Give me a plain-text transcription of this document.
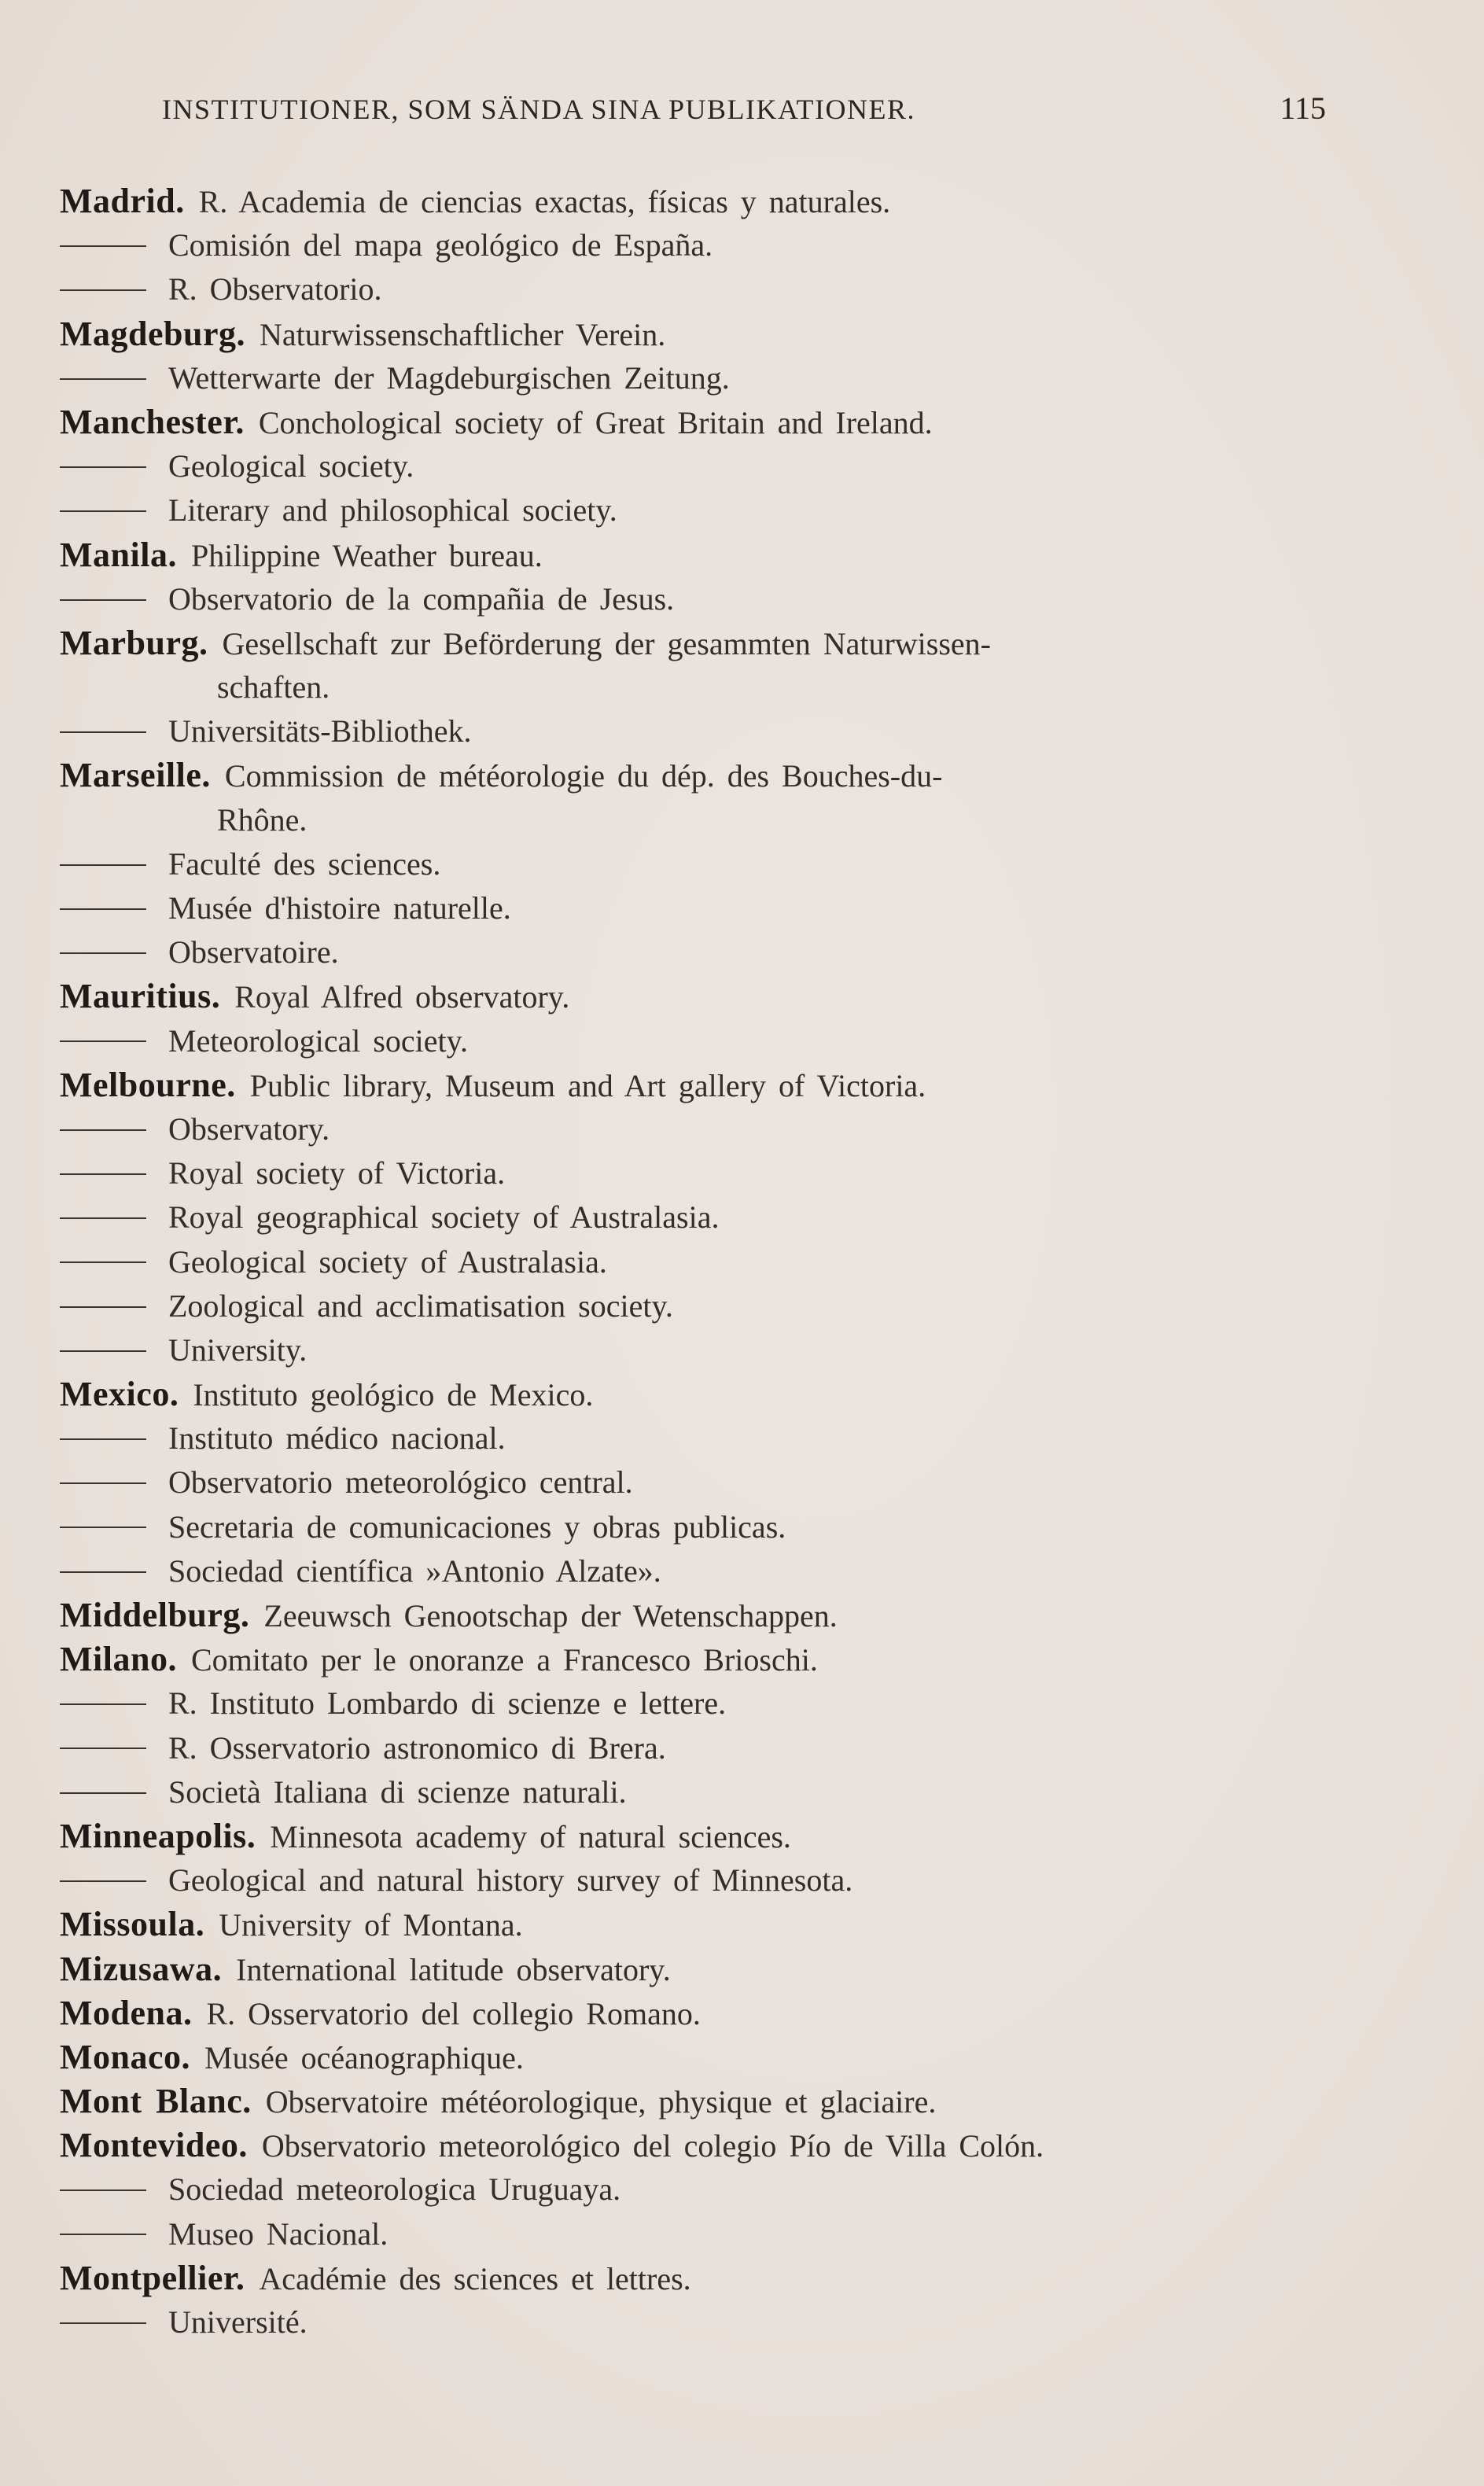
INSTITUTIONER, SOM SÄNDA SINA PUBLIKATIONER.	115
Madrid. R. Academia de ciencias exactas, físicas y naturales.
Comisión del mapa geológico de España.
R. Observatorio.
Magdeburg. Naturwissenschaftlicher Verein.
Wetterwarte der Magdeburgischen Zeitung.
Manchester. Conchological society of Great Britain and Ireland.
Geological society.
Literary and philosophical society.
Manila. Philippine Weather bureau.
Observatorio de la compañia de Jesus.
Marburg. Gesellschaft zur Beförderung der gesammten Naturwissen-
schaften.
Universitäts-Bibliothek.
Marseille. Commission de météorologie du dép. des Bouches-du-
Rhône.
Faculté des sciences.
Musée d'histoire naturelle.
Observatoire.
Mauritius. Royal Alfred observatory.
Meteorological society.
Melbourne. Public library, Museum and Art gallery of Victoria.
Observatory.
Royal society of Victoria.
Royal geographical society of Australasia.
Geological society of Australasia.
Zoological and acclimatisation society.
University.
Mexico. Instituto geológico de Mexico.
Instituto médico nacional.
Observatorio meteorológico central.
Secretaria de comunicaciones y obras publicas.
Sociedad científica »Antonio Alzate».
Middelburg. Zeeuwsch Genootschap der Wetenschappen.
Milano. Comitato per le onoranze a Francesco Brioschi.
R. Instituto Lombardo di scienze e lettere.
R. Osservatorio astronomico di Brera.
Società Italiana di scienze naturali.
Minneapolis. Minnesota academy of natural sciences.
Geological and natural history survey of Minnesota.
Missoula. University of Montana.
Mizusawa. International latitude observatory.
Modena. R. Osservatorio del collegio Romano.
Monaco. Musée océanographique.
Mont Blanc. Observatoire météorologique, physique et glaciaire.
Montevideo. Observatorio meteorológico del colegio Pío de Villa Colón.
Sociedad meteorologica Uruguaya.
Museo Nacional.
Montpellier. Académie des sciences et lettres.
Université.
